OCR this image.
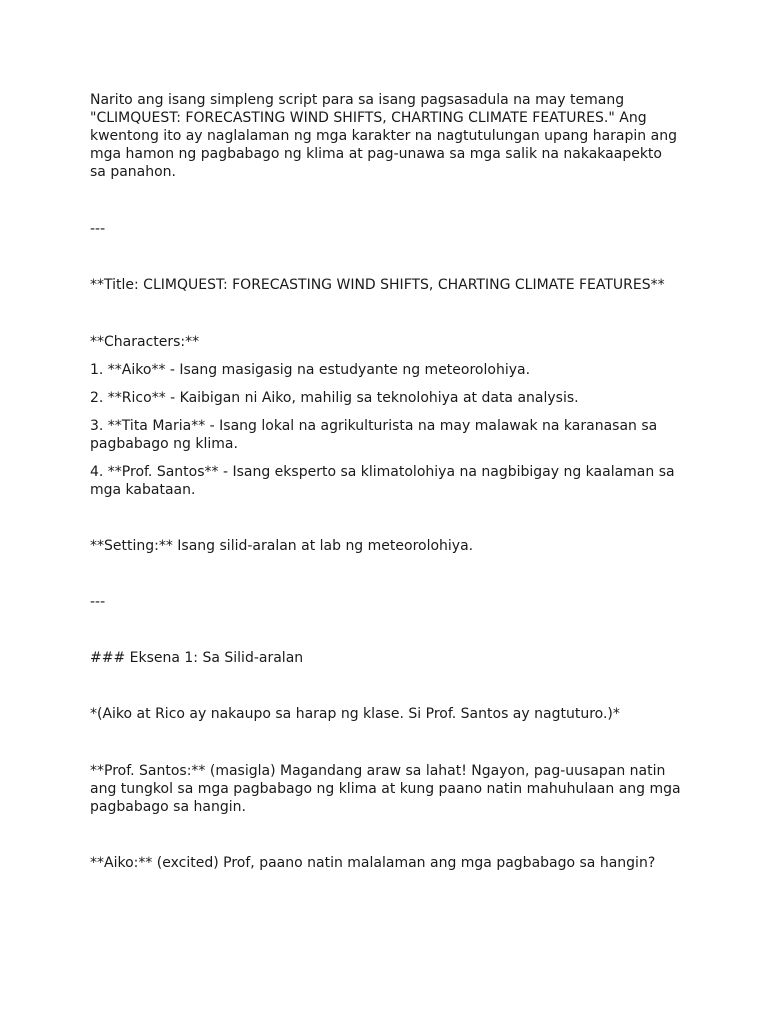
Narito ang isang simpleng script para sa isang pagsasadula na may temang "CLIMQUEST: FORECASTING WIND SHIFTS, CHARTING CLIMATE FEATURES." Ang kwentong ito ay naglalaman ng mga karakter na nagtutulungan upang harapin ang mga hamon ng pagbabago ng klima at pag-unawa sa mga salik na nakakaapekto sa panahon.

---

**Title: CLIMQUEST: FORECASTING WIND SHIFTS, CHARTING CLIMATE FEATURES**

**Characters:**

1. **Aiko** - Isang masigasig na estudyante ng meteorolohiya.

2. **Rico** - Kaibigan ni Aiko, mahilig sa teknolohiya at data analysis.

3. **Tita Maria** - Isang lokal na agrikulturista na may malawak na karanasan sa pagbabago ng klima.

4. **Prof. Santos** - Isang eksperto sa klimatolohiya na nagbibigay ng kaalaman sa mga kabataan.

**Setting:** Isang silid-aralan at lab ng meteorolohiya.

---

### Eksena 1: Sa Silid-aralan

*(Aiko at Rico ay nakaupo sa harap ng klase. Si Prof. Santos ay nagtuturo.)*

**Prof. Santos:** (masigla) Magandang araw sa lahat! Ngayon, pag-uusapan natin ang tungkol sa mga pagbabago ng klima at kung paano natin mahuhulaan ang mga pagbabago sa hangin.

**Aiko:** (excited) Prof, paano natin malalaman ang mga pagbabago sa hangin?
